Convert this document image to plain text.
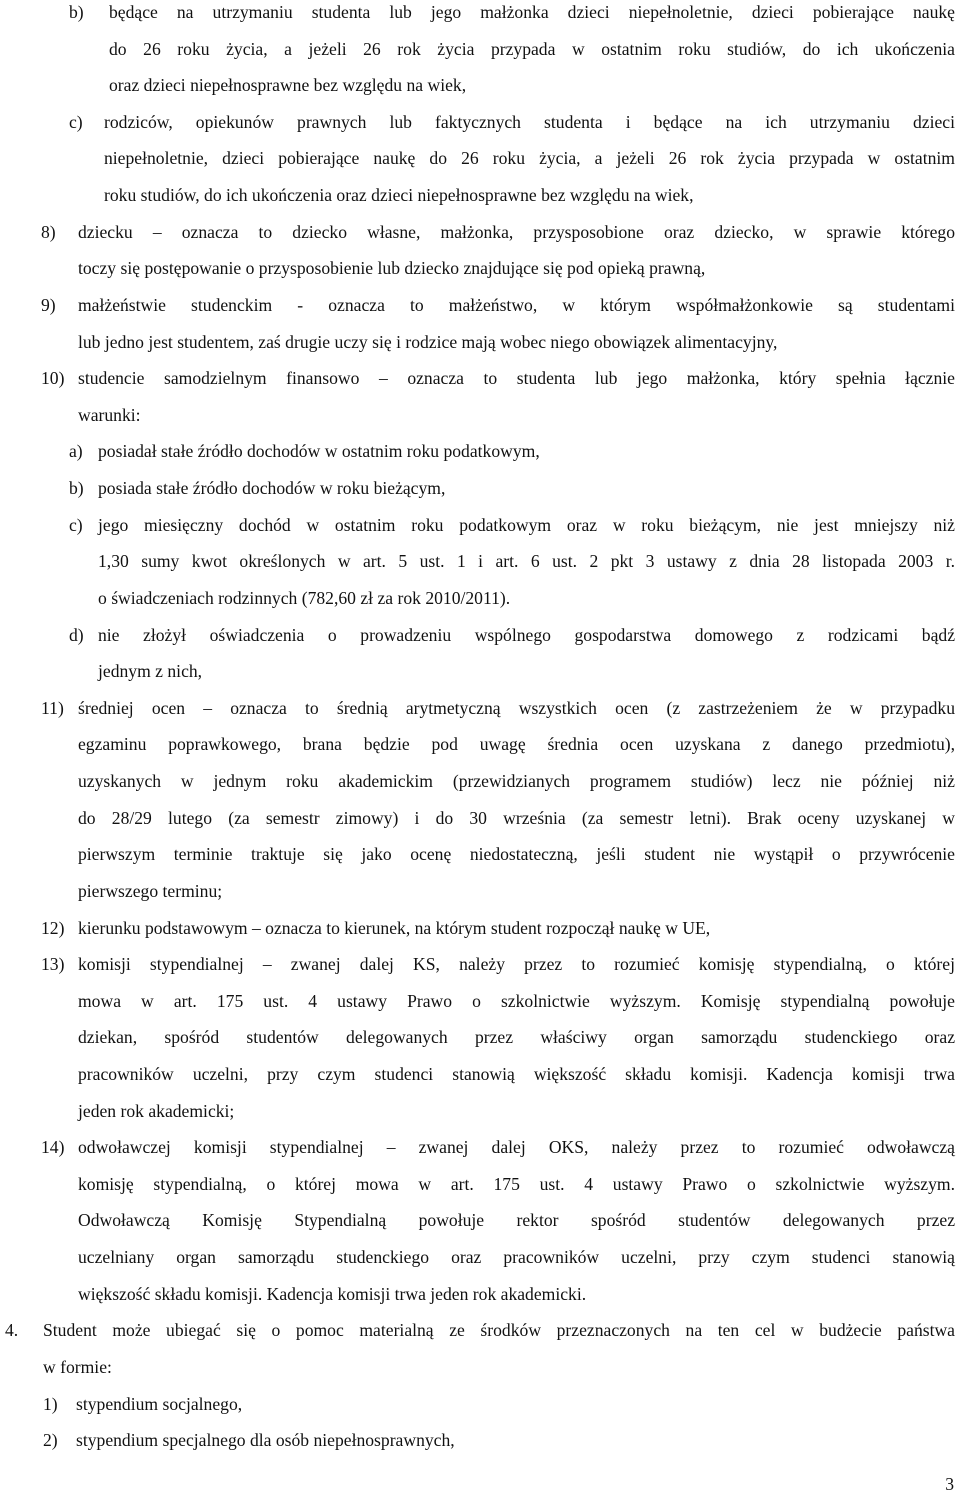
b) będące na utrzymaniu studenta lub jego małżonka dzieci niepełnoletnie, dzieci pobierające naukę
do 26 roku życia, a jeżeli 26 rok życia przypada w ostatnim roku studiów, do ich ukończenia
oraz dzieci niepełnosprawne bez względu na wiek,
c) rodziców, opiekunów prawnych lub faktycznych studenta i będące na ich utrzymaniu dzieci
niepełnoletnie, dzieci pobierające naukę do 26 roku życia, a jeżeli 26 rok życia przypada w ostatnim
roku studiów, do ich ukończenia oraz dzieci niepełnosprawne bez względu na wiek,
8) dziecku – oznacza to dziecko własne, małżonka, przysposobione oraz dziecko, w sprawie którego
toczy się postępowanie o przysposobienie lub dziecko znajdujące się pod opieką prawną,
9) małżeństwie studenckim - oznacza to małżeństwo, w którym współmałżonkowie są studentami
lub jedno jest studentem, zaś drugie uczy się i rodzice mają wobec niego obowiązek alimentacyjny,
10) studencie samodzielnym finansowo – oznacza to studenta lub jego małżonka, który spełnia łącznie
warunki:
a) posiadał stałe źródło dochodów w ostatnim roku podatkowym,
b) posiada stałe źródło dochodów w roku bieżącym,
c) jego miesięczny dochód w ostatnim roku podatkowym oraz w roku bieżącym, nie jest mniejszy niż
1,30 sumy kwot określonych w art. 5 ust. 1 i art. 6 ust. 2 pkt 3 ustawy z dnia 28 listopada 2003 r.
o świadczeniach rodzinnych (782,60 zł za rok 2010/2011).
d) nie złożył oświadczenia o prowadzeniu wspólnego gospodarstwa domowego z rodzicami bądź
jednym z nich,
11) średniej ocen – oznacza to średnią arytmetyczną wszystkich ocen (z zastrzeżeniem że w przypadku
egzaminu poprawkowego, brana będzie pod uwagę średnia ocen uzyskana z danego przedmiotu),
uzyskanych w jednym roku akademickim (przewidzianych programem studiów) lecz nie później niż
do 28/29 lutego (za semestr zimowy) i do 30 września (za semestr letni). Brak oceny uzyskanej w
pierwszym terminie traktuje się jako ocenę niedostateczną, jeśli student nie wystąpił o przywrócenie
pierwszego terminu;
12) kierunku podstawowym – oznacza to kierunek, na którym student rozpoczął naukę w UE,
13) komisji stypendialnej – zwanej dalej KS, należy przez to rozumieć komisję stypendialną, o której
mowa w art. 175 ust. 4 ustawy Prawo o szkolnictwie wyższym. Komisję stypendialną powołuje
dziekan, spośród studentów delegowanych przez właściwy organ samorządu studenckiego oraz
pracowników uczelni, przy czym studenci stanowią większość składu komisji. Kadencja komisji trwa
jeden rok akademicki;
14) odwoławczej komisji stypendialnej – zwanej dalej OKS, należy przez to rozumieć odwoławczą
komisję stypendialną, o której mowa w art. 175 ust. 4 ustawy Prawo o szkolnictwie wyższym.
Odwoławczą Komisję Stypendialną powołuje rektor spośród studentów delegowanych przez
uczelniany organ samorządu studenckiego oraz pracowników uczelni, przy czym studenci stanowią
większość składu komisji. Kadencja komisji trwa jeden rok akademicki.
4. Student może ubiegać się o pomoc materialną ze środków przeznaczonych na ten cel w budżecie państwa
w formie:
1) stypendium socjalnego,
2) stypendium specjalnego dla osób niepełnosprawnych,
3
